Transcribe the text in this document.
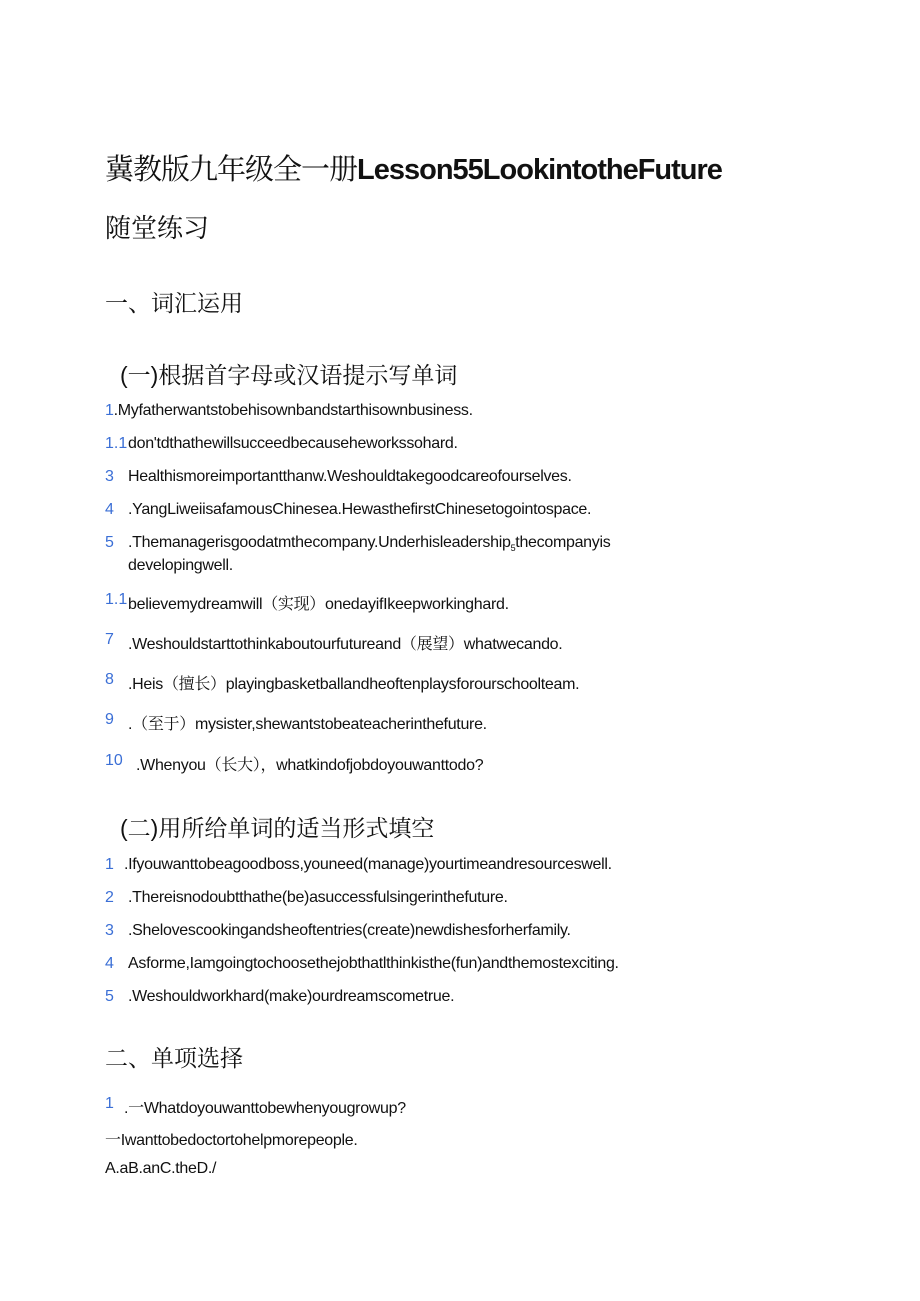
冀教版九年级全一册Lesson55LookintotheFuture
随堂练习
一、词汇运用
(一)根据首字母或汉语提示写单词
1.Myfatherwantstobehisownbandstarthisownbusiness.
1.1 don'tdthathewillsucceedbecauseheworkssohard.
3 Healthismoreimportantthanw.Weshouldtakegoodcareofourselves.
4 .YangLiweiisafamousChinesea.HewasthefirstChinesetogointospace.
5 .Themanagerisgoodatmthecompany.Underhisleadership$_5$thecompanyis
developingwell.
1.1 believemydreamwill（实现）onedayifIkeepworkinghard.
7 .Weshouldstarttothinkaboutourfutureand（展望）whatwecando.
8 .Heis（擅长）playingbasketballandheoftenplaysforourschoolteam.
9 .（至于）mysister,shewantstobeateacherinthefuture.
10 .Whenyou（长大），whatkindofjobdoyouwanttodo?
(二)用所给单词的适当形式填空
1 .Ifyouwanttobeagoodboss,youneed(manage)yourtimeandresourceswell.
2 .Thereisnodoubtthathe(be)asuccessfulsingerinthefuture.
3 .Shelovescookingandsheoftentries(create)newdishesforherfamily.
4 Asforme,Iamgoingtochoosethejobthatlthinkisthe(fun)andthemostexciting.
5 .Weshouldworkhard(make)ourdreamscometrue.
二、单项选择
1 .一Whatdoyouwanttobewhenyougrowup?
一Iwanttobedoctortohelpmorepeople.
A.aB.anC.theD./
